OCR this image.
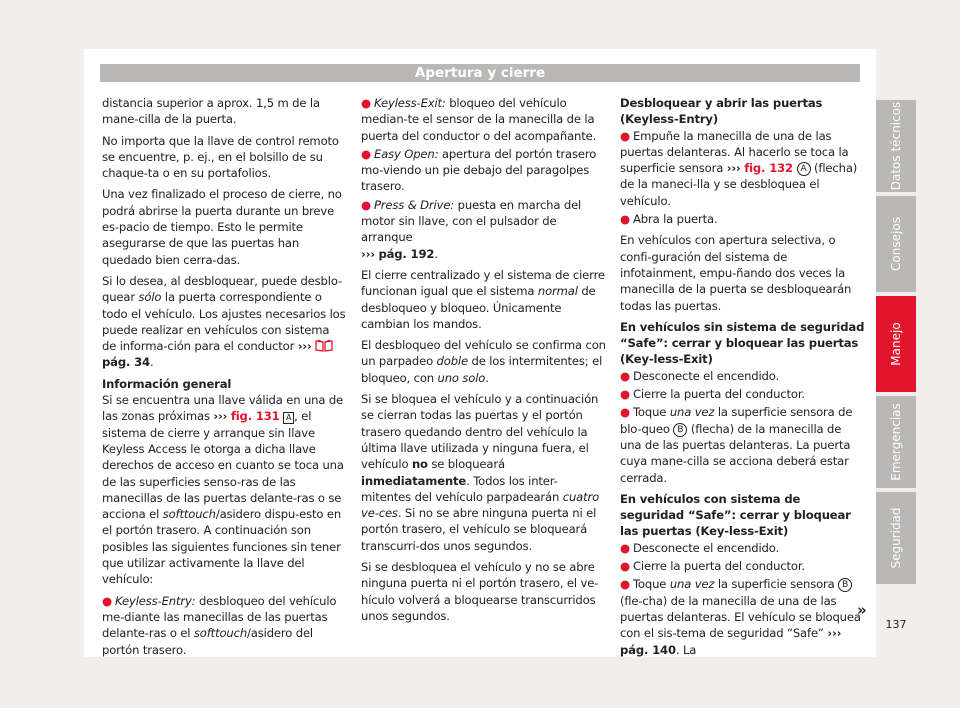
Apertura y cierre

distancia superior a aprox. 1,5 m de la mane-cilla de la puerta.

No importa que la llave de control remoto se encuentre, p. ej., en el bolsillo de su chaque-ta o en su portafolios.

Una vez finalizado el proceso de cierre, no podrá abrirse la puerta durante un breve es-pacio de tiempo. Esto le permite asegurarse de que las puertas han quedado bien cerra-das.

Si lo desea, al desbloquear, puede desblo-quear sólo la puerta correspondiente o todo el vehículo. Los ajustes necesarios los puede realizar en vehículos con sistema de informa-ción para el conductor ›››pág. 34.

Información general

Si se encuentra una llave válida en una de las zonas próximas ››› fig. 131 A , el sistema de cierre y arranque sin llave Keyless Access le otorga a dicha llave derechos de acceso en cuanto se toca una de las superficies senso-ras de las manecillas de las puertas delante-ras o se acciona el softtouch/asidero dispu-esto en el portón trasero. A continuación son posibles las siguientes funciones sin tener que utilizar activamente la llave del vehículo:

● Keyless-Entry: desbloqueo del vehículo me-diante las manecillas de las puertas delante-ras o el softtouch/asidero del portón trasero.

● Keyless-Exit: bloqueo del vehículo median-te el sensor de la manecilla de la puerta del conductor o del acompañante.

● Easy Open: apertura del portón trasero mo-viendo un pie debajo del paragolpes trasero.

● Press & Drive: puesta en marcha del motor sin llave, con el pulsador de arranque
››› pág. 192.

El cierre centralizado y el sistema de cierre funcionan igual que el sistema normal de desbloqueo y bloqueo. Únicamente cambian los mandos.

El desbloqueo del vehículo se confirma con un parpadeo doble de los intermitentes; el bloqueo, con uno solo.

Si se bloquea el vehículo y a continuación se cierran todas las puertas y el portón trasero quedando dentro del vehículo la última llave utilizada y ninguna fuera, el vehículo no se bloqueará inmediatamente. Todos los inter-mitentes del vehículo parpadearán cuatro ve-ces. Si no se abre ninguna puerta ni el portón trasero, el vehículo se bloqueará transcurri-dos unos segundos.

Si se desbloquea el vehículo y no se abre ninguna puerta ni el portón trasero, el ve-hículo volverá a bloquearse transcurridos unos segundos.

Desbloquear y abrir las puertas (Keyless-Entry)

● Empuñe la manecilla de una de las puertas delanteras. Al hacerlo se toca la superficie sensora ››› fig. 132 A (flecha) de la maneci-lla y se desbloquea el vehículo.

● Abra la puerta.

En vehículos con apertura selectiva, o confi-guración del sistema de infotainment, empu-ñando dos veces la manecilla de la puerta se desbloquearán todas las puertas.

En vehículos sin sistema de seguridad “Safe”: cerrar y bloquear las puertas (Key-less-Exit)

● Desconecte el encendido.

● Cierre la puerta del conductor.

● Toque una vez la superficie sensora de blo-queo B (flecha) de la manecilla de una de las puertas delanteras. La puerta cuya mane-cilla se acciona deberá estar cerrada.

En vehículos con sistema de seguridad “Safe”: cerrar y bloquear las puertas (Key-less-Exit)

● Desconecte el encendido.

● Cierre la puerta del conductor.

● Toque una vez la superficie sensora B (fle-cha) de la manecilla de una de las puertas delanteras. El vehículo se bloquea con el sis-tema de seguridad “Safe” ››› pág. 140. La

Datos técnicos
Consejos
Manejo
Emergencias
Seguridad
»
137
